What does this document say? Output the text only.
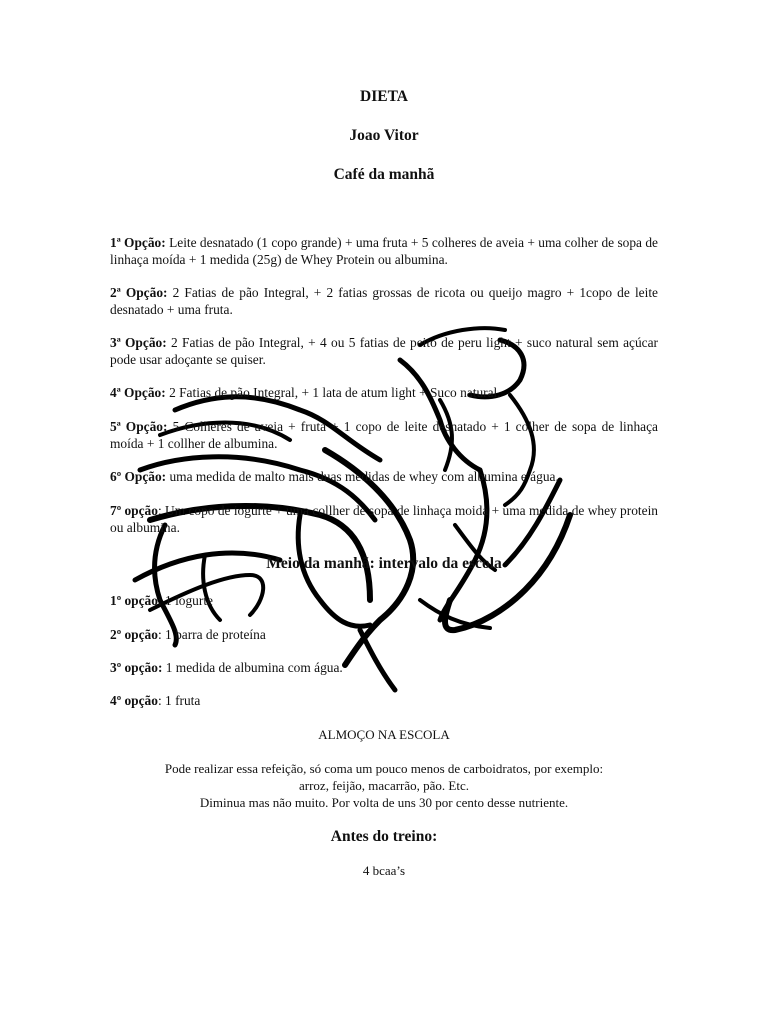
DIETA
Joao Vitor
Café da manhã
1ª Opção: Leite desnatado (1 copo grande) + uma fruta + 5 colheres de aveia + uma colher de sopa de linhaça moída + 1 medida (25g) de Whey Protein ou albumina.
2ª Opção: 2 Fatias de pão Integral, + 2 fatias grossas de ricota ou queijo magro + 1copo de leite desnatado + uma fruta.
3ª Opção: 2 Fatias de pão Integral, + 4 ou 5 fatias de peito de peru light + suco natural sem açúcar pode usar adoçante se quiser.
4ª Opção: 2 Fatias de pão Integral, + 1 lata de atum light + Suco natural.
5ª Opção: 5 Colheres de aveia + fruta + 1 copo de leite desnatado + 1 colher de sopa de linhaça moída + 1 collher de albumina.
6º Opção: uma medida de malto mais duas medidas de whey com albumina e água.
7º opção: Um copo de iogurte + uma collher de sopa de linhaça moida + uma medida de whey protein ou albumina.
Meio da manhã: intervalo da escola
1º opção: 1 iogurte
2º opção: 1 barra de proteína
3º opção: 1 medida de albumina com água.
4º opção: 1 fruta
ALMOÇO NA ESCOLA
Pode realizar essa refeição, só coma um pouco menos de carboidratos, por exemplo:
arroz, feijão, macarrão, pão. Etc.
Diminua mas não muito. Por volta de uns 30 por cento desse nutriente.
Antes do treino:
4 bcaa’s
